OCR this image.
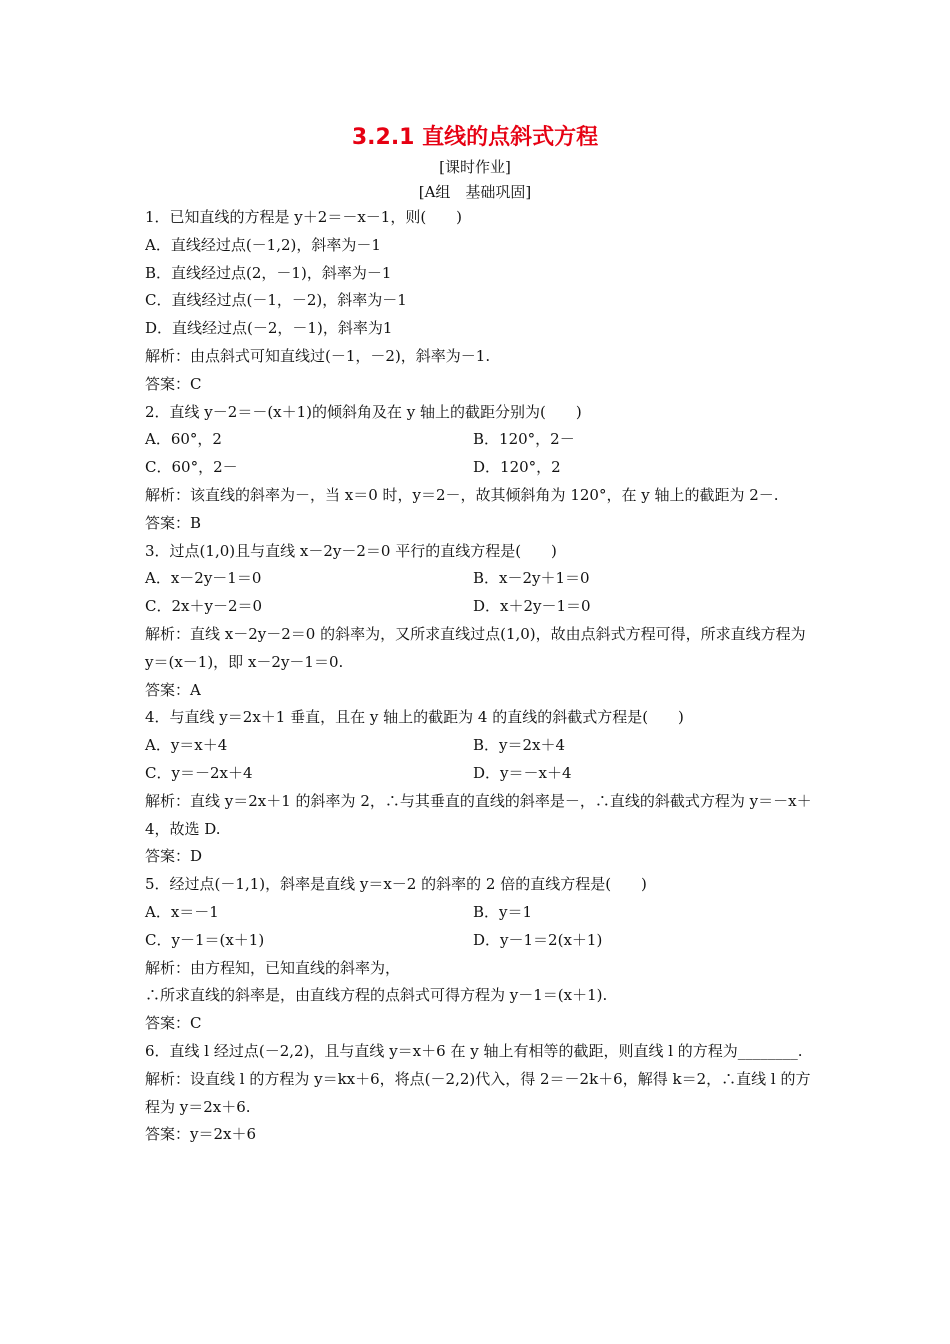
3.2.1 直线的点斜式方程
[课时作业]
[A组　基础巩固]
1．已知直线的方程是 y＋2＝－x－1，则(　　)
A．直线经过点(－1,2)，斜率为－1
B．直线经过点(2，－1)，斜率为－1
C．直线经过点(－1，－2)，斜率为－1
D．直线经过点(－2，－1)，斜率为1
解析：由点斜式可知直线过(－1，－2)，斜率为－1.
答案：C
2．直线 y－2＝－(x＋1)的倾斜角及在 y 轴上的截距分别为(　　)
A．60°，2	B．120°，2－
C．60°，2－	D．120°，2
解析：该直线的斜率为－，当 x＝0 时，y＝2－，故其倾斜角为 120°，在 y 轴上的截距为 2－.
答案：B
3．过点(1,0)且与直线 x－2y－2＝0 平行的直线方程是(　　)
A．x－2y－1＝0	B．x－2y＋1＝0
C．2x＋y－2＝0	D．x＋2y－1＝0
解析：直线 x－2y－2＝0 的斜率为，又所求直线过点(1,0)，故由点斜式方程可得，所求直线方程为 y＝(x－1)，即 x－2y－1＝0.
答案：A
4．与直线 y＝2x＋1 垂直，且在 y 轴上的截距为 4 的直线的斜截式方程是(　　)
A．y＝x＋4	B．y＝2x＋4
C．y＝－2x＋4	D．y＝－x＋4
解析：直线 y＝2x＋1 的斜率为 2，∴与其垂直的直线的斜率是－，∴直线的斜截式方程为 y＝－x＋4，故选 D.
答案：D
5．经过点(－1,1)，斜率是直线 y＝x－2 的斜率的 2 倍的直线方程是(　　)
A．x＝－1	B．y＝1
C．y－1＝(x＋1)	D．y－1＝2(x＋1)
解析：由方程知，已知直线的斜率为，
∴所求直线的斜率是，由直线方程的点斜式可得方程为 y－1＝(x＋1).
答案：C
6．直线 l 经过点(－2,2)，且与直线 y＝x＋6 在 y 轴上有相等的截距，则直线 l 的方程为________.
解析：设直线 l 的方程为 y＝kx＋6，将点(－2,2)代入，得 2＝－2k＋6，解得 k＝2，∴直线 l 的方程为 y＝2x＋6.
答案：y＝2x＋6
